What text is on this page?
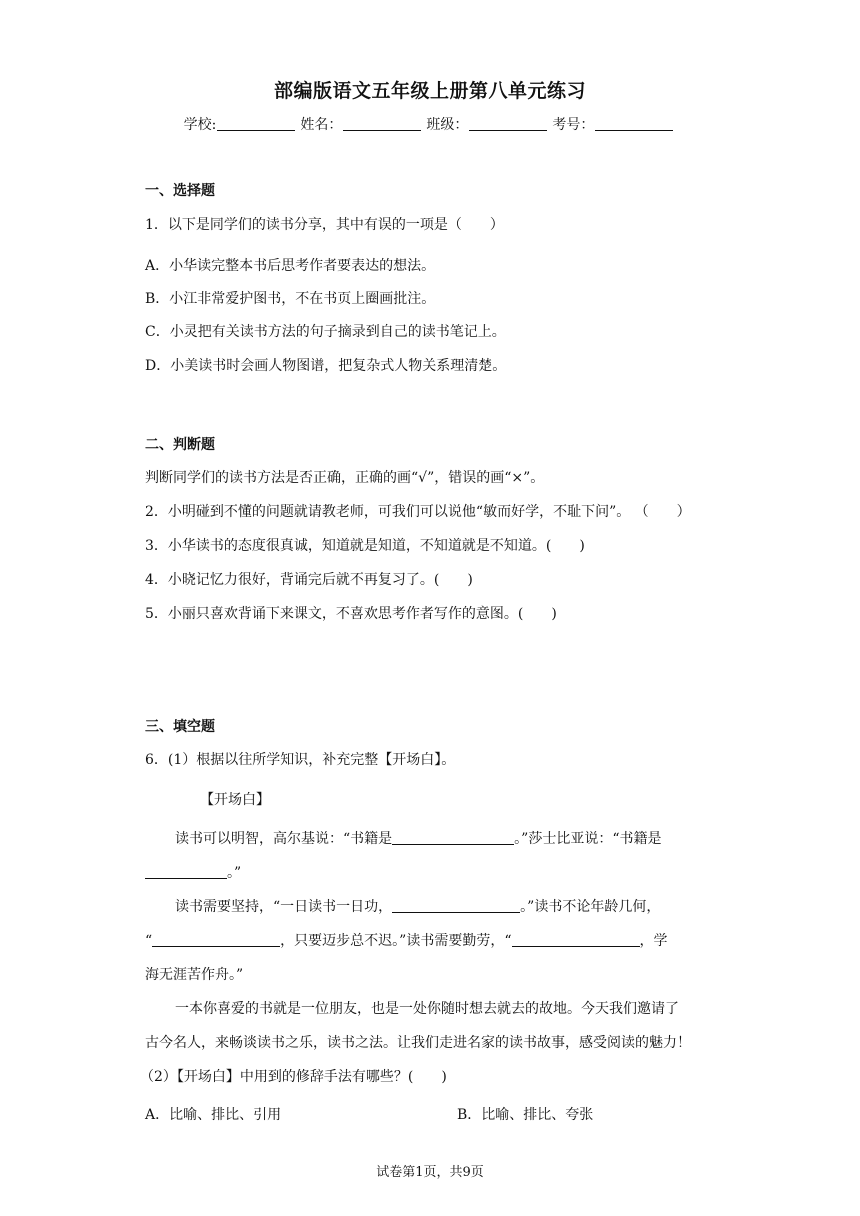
部编版语文五年级上册第八单元练习
学校:	姓名：	班级：	考号：
一、选择题
1．以下是同学们的读书分享，其中有误的一项是（　　）
A．小华读完整本书后思考作者要表达的想法。
B．小江非常爱护图书，不在书页上圈画批注。
C．小灵把有关读书方法的句子摘录到自己的读书笔记上。
D．小美读书时会画人物图谱，把复杂式人物关系理清楚。
二、判断题
判断同学们的读书方法是否正确，正确的画“√”，错误的画“×”。
2．小明碰到不懂的问题就请教老师，可我们可以说他“敏而好学，不耻下问”。 （　　）
3．小华读书的态度很真诚，知道就是知道，不知道就是不知道。(　　)
4．小晓记忆力很好，背诵完后就不再复习了。(　　)
5．小丽只喜欢背诵下来课文，不喜欢思考作者写作的意图。(　　)
三、填空题
6．(1）根据以往所学知识，补充完整【开场白】。
【开场白】
读书可以明智，高尔基说：“书籍是	。”莎士比亚说：“书籍是
。”
读书需要坚持，“一日读书一日功，	。”读书不论年龄几何，
“	，只要迈步总不迟。”读书需要勤劳，“	，学
海无涯苦作舟。”
一本你喜爱的书就是一位朋友，也是一处你随时想去就去的故地。今天我们邀请了
古今名人，来畅谈读书之乐，读书之法。让我们走进名家的读书故事，感受阅读的魅力！
（2）【开场白】中用到的修辞手法有哪些？(　　)
A．比喻、排比、引用	B．比喻、排比、夸张
试卷第1页，共9页
